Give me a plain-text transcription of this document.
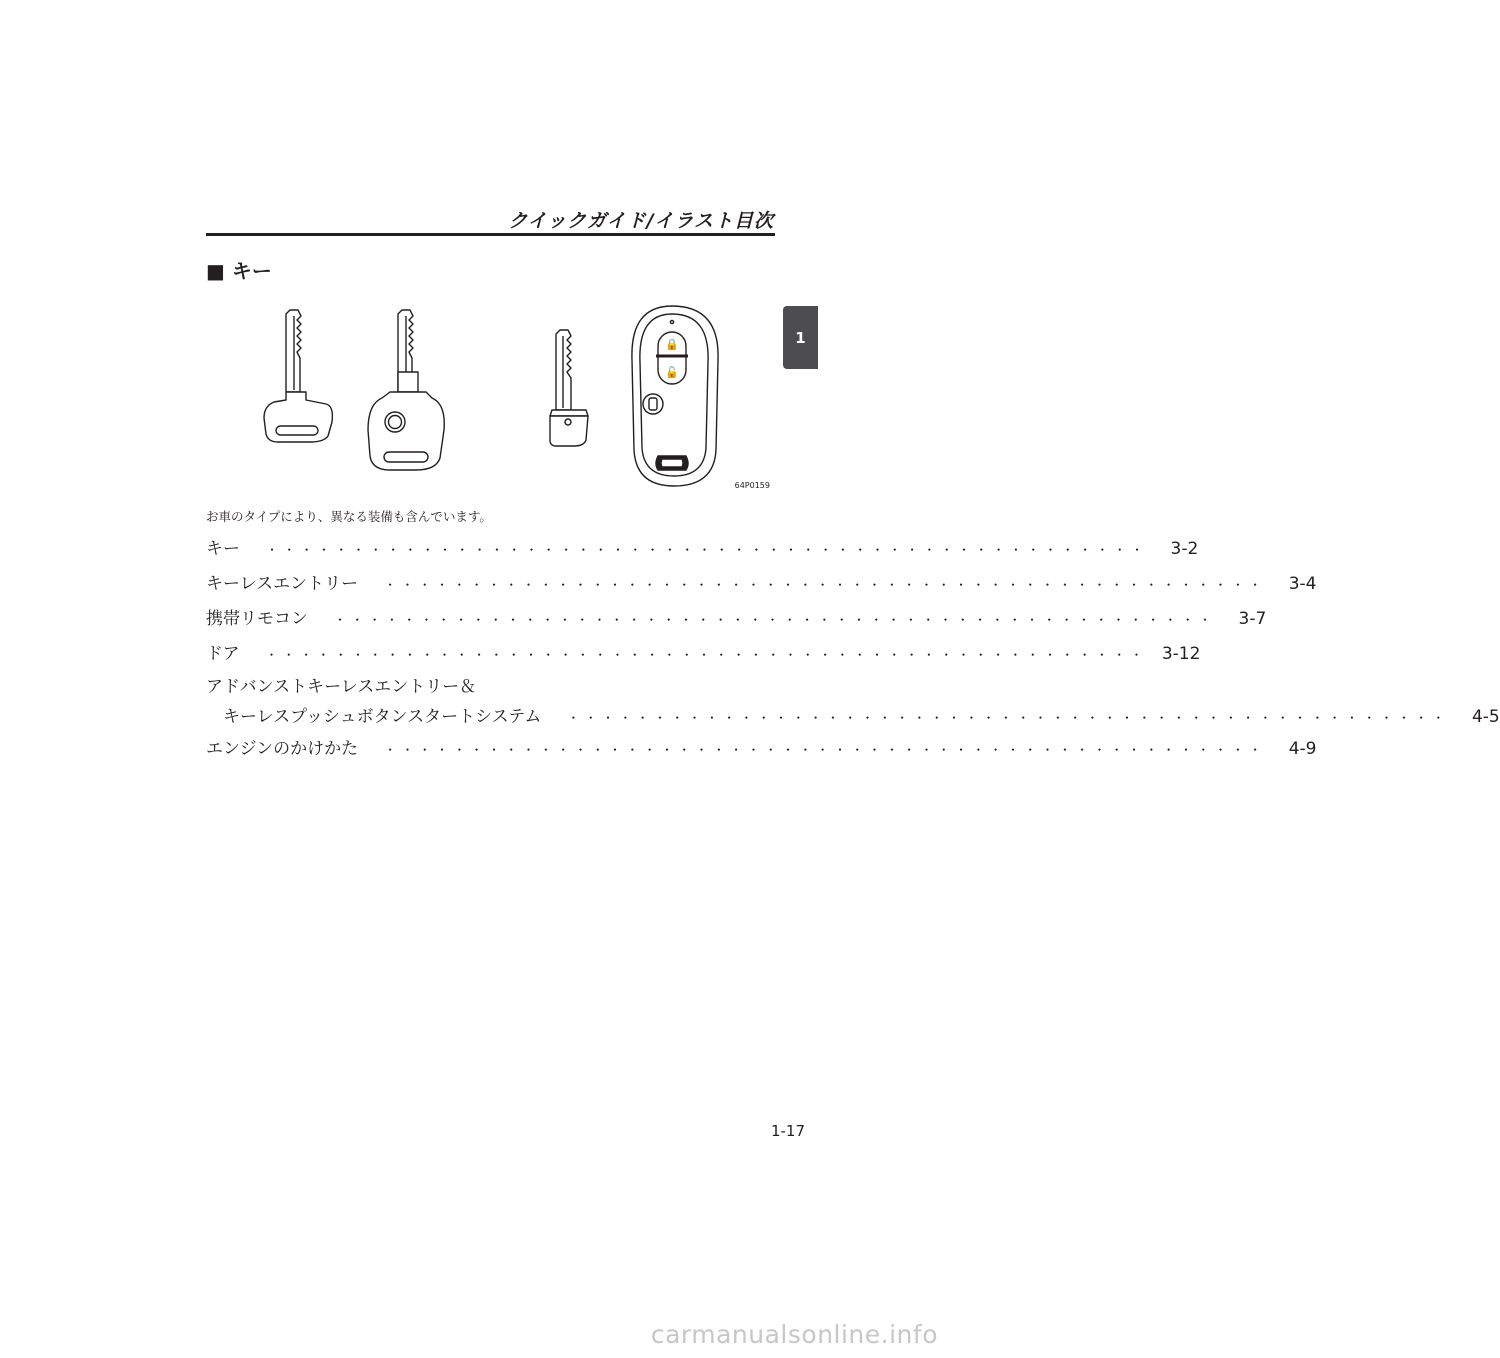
クイックガイド/イラスト目次
1
■ キー
🔒
🔓
64P0159
お車のタイプにより、異なる装備も含んでいます。
キー ・・・・・・・・・・・・・・・・・・・・・・・・・・・・・・・・・・・・・・・・・・・・・・・・・・・	3-2
キーレスエントリー ・・・・・・・・・・・・・・・・・・・・・・・・・・・・・・・・・・・・・・・・・・・・・・・・・・・	3-4
携帯リモコン ・・・・・・・・・・・・・・・・・・・・・・・・・・・・・・・・・・・・・・・・・・・・・・・・・・・	3-7
ドア ・・・・・・・・・・・・・・・・・・・・・・・・・・・・・・・・・・・・・・・・・・・・・・・・・・・ 3-12
アドバンストキーレスエントリー＆
キーレスプッシュボタンスタートシステム ・・・・・・・・・・・・・・・・・・・・・・・・・・・・・・・・・・・・・・・・・・・・・・・・・・・	4-5
エンジンのかけかた ・・・・・・・・・・・・・・・・・・・・・・・・・・・・・・・・・・・・・・・・・・・・・・・・・・・	4-9
1-17
carmanualsonline.info
